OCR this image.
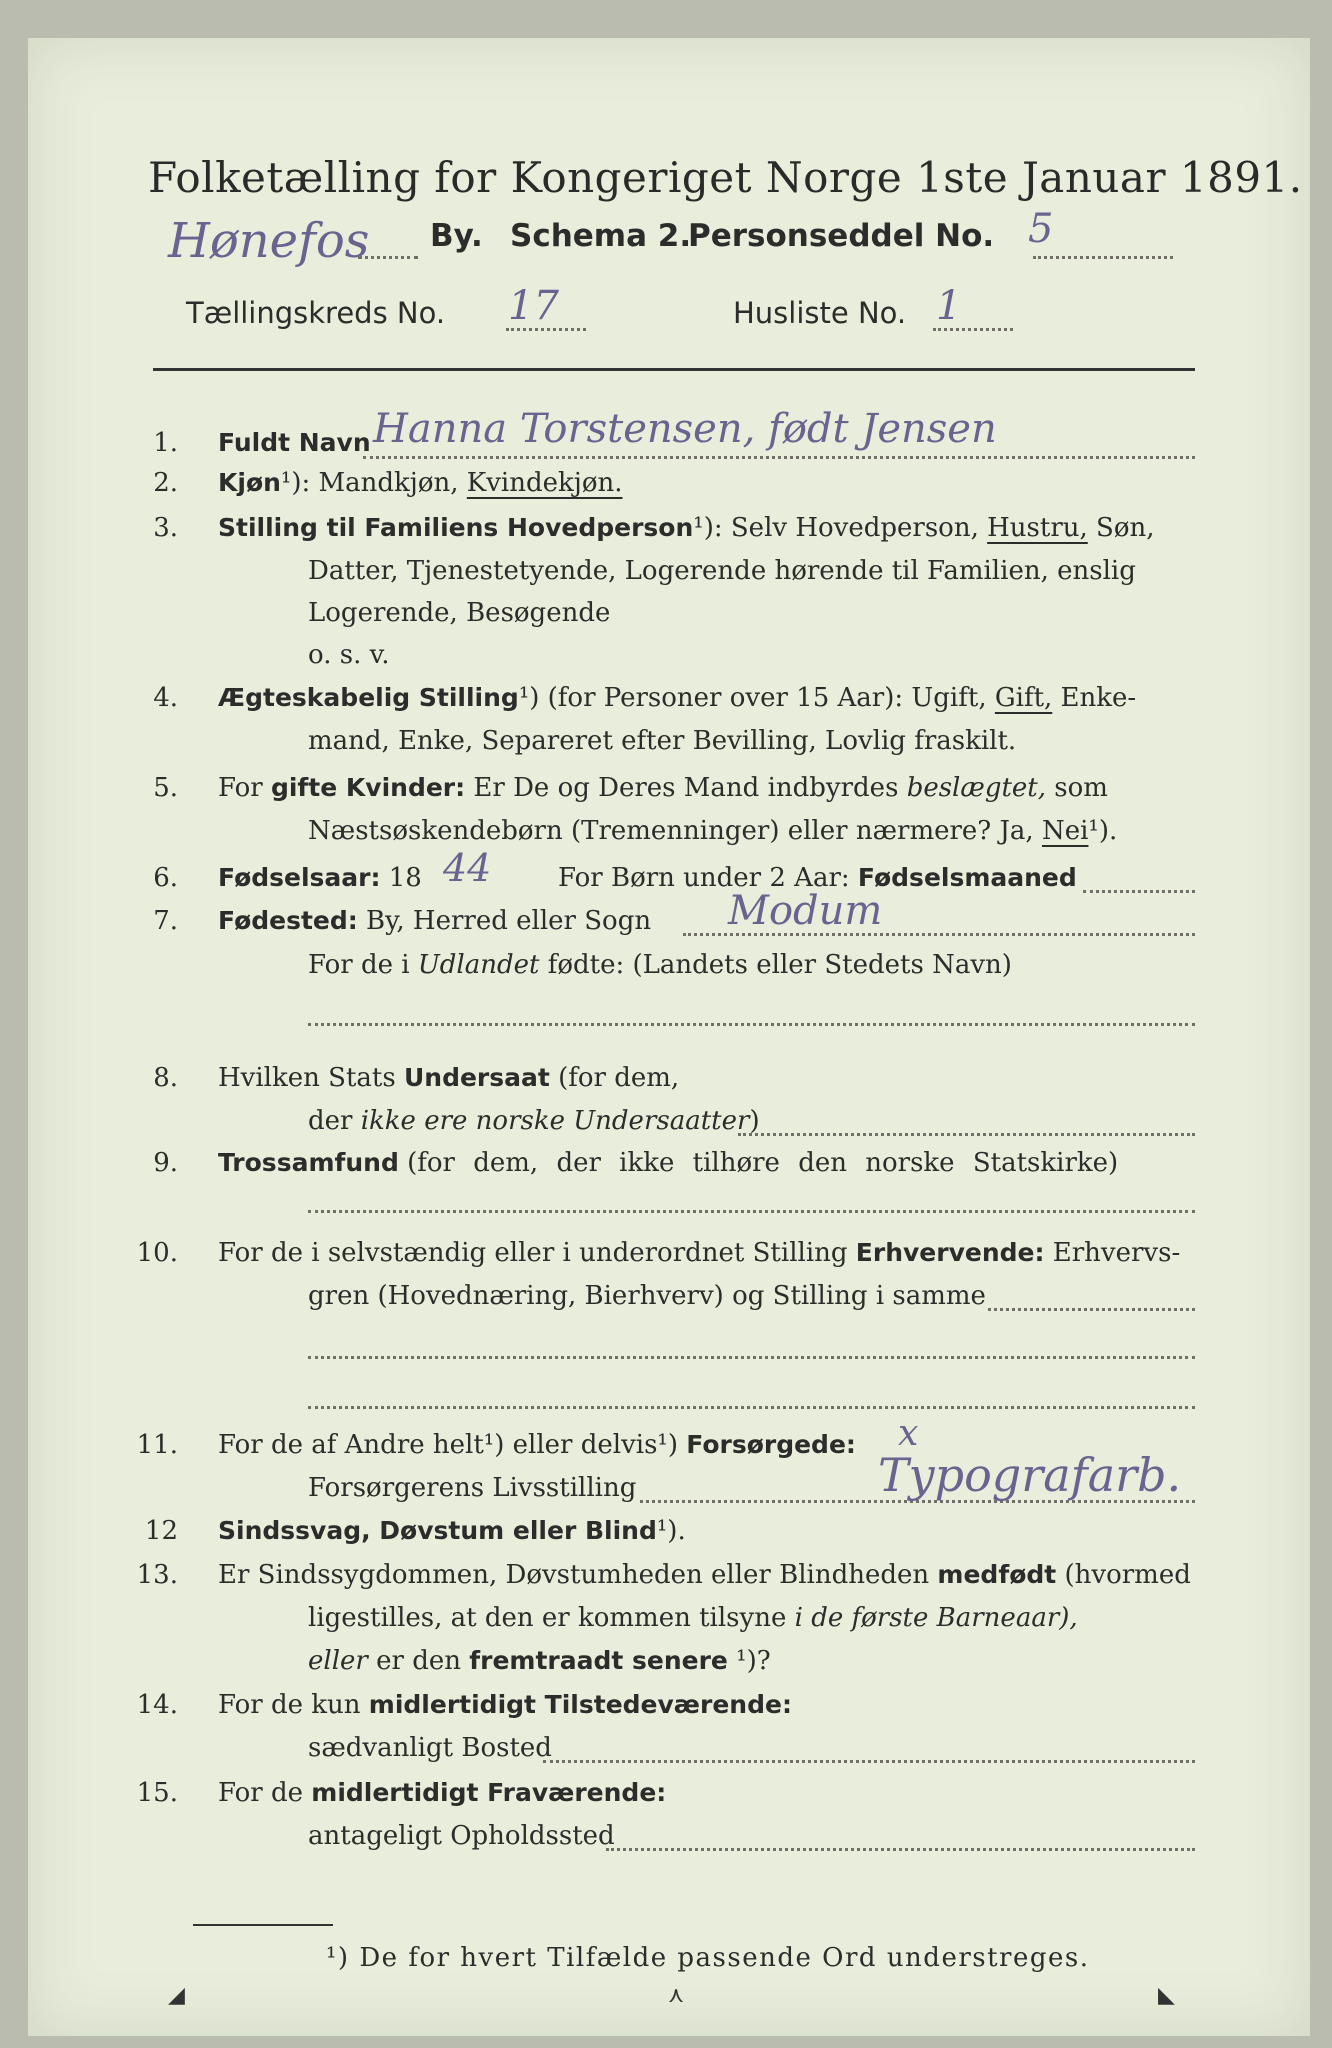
Folketælling for Kongeriget Norge 1ste Januar 1891.
Hønefos By. Schema 2.
Personseddel No. 5
Tællingskreds No. 17	Husliste No. 1
1. Fuldt Navn Hanna Torstensen, født Jensen
2. Kjøn¹): Mandkjøn, Kvindekjøn.
3. Stilling til Familiens Hovedperson¹): Selv Hovedperson, Hustru, Søn,
Datter, Tjenestetyende, Logerende hørende til Familien, enslig
Logerende, Besøgende
o. s. v.
4. Ægteskabelig Stilling¹) (for Personer over 15 Aar): Ugift, Gift, Enke-
mand, Enke, Separeret efter Bevilling, Lovlig fraskilt.
5. For gifte Kvinder: Er De og Deres Mand indbyrdes beslægtet, som
Næstsøskendebørn (Tremenninger) eller nærmere? Ja, Nei¹).
6. Fødselsaar: 18 44	For Børn under 2 Aar: Fødselsmaaned
7. Fødested: By, Herred eller Sogn Modum
For de i Udlandet fødte: (Landets eller Stedets Navn)
8. Hvilken Stats Undersaat (for dem,
der ikke ere norske Undersaatter)
9. Trossamfund (for dem, der ikke tilhøre den norske Statskirke)
10. For de i selvstændig eller i underordnet Stilling Erhvervende: Erhvervs-
gren (Hovednæring, Bierhverv) og Stilling i samme
11. For de af Andre helt¹) eller delvis¹) Forsørgede: x
Forsørgerens Livsstilling	Typografarb.
12 Sindssvag, Døvstum eller Blind¹).
13. Er Sindssygdommen, Døvstumheden eller Blindheden medfødt (hvormed
ligestilles, at den er kommen tilsyne i de første Barneaar),
eller er den fremtraadt senere ¹)?
14. For de kun midlertidigt Tilstedeværende:
sædvanligt Bosted
15. For de midlertidigt Fraværende:
antageligt Opholdssted
¹) De for hvert Tilfælde passende Ord understreges.
◢	⋏	◣
